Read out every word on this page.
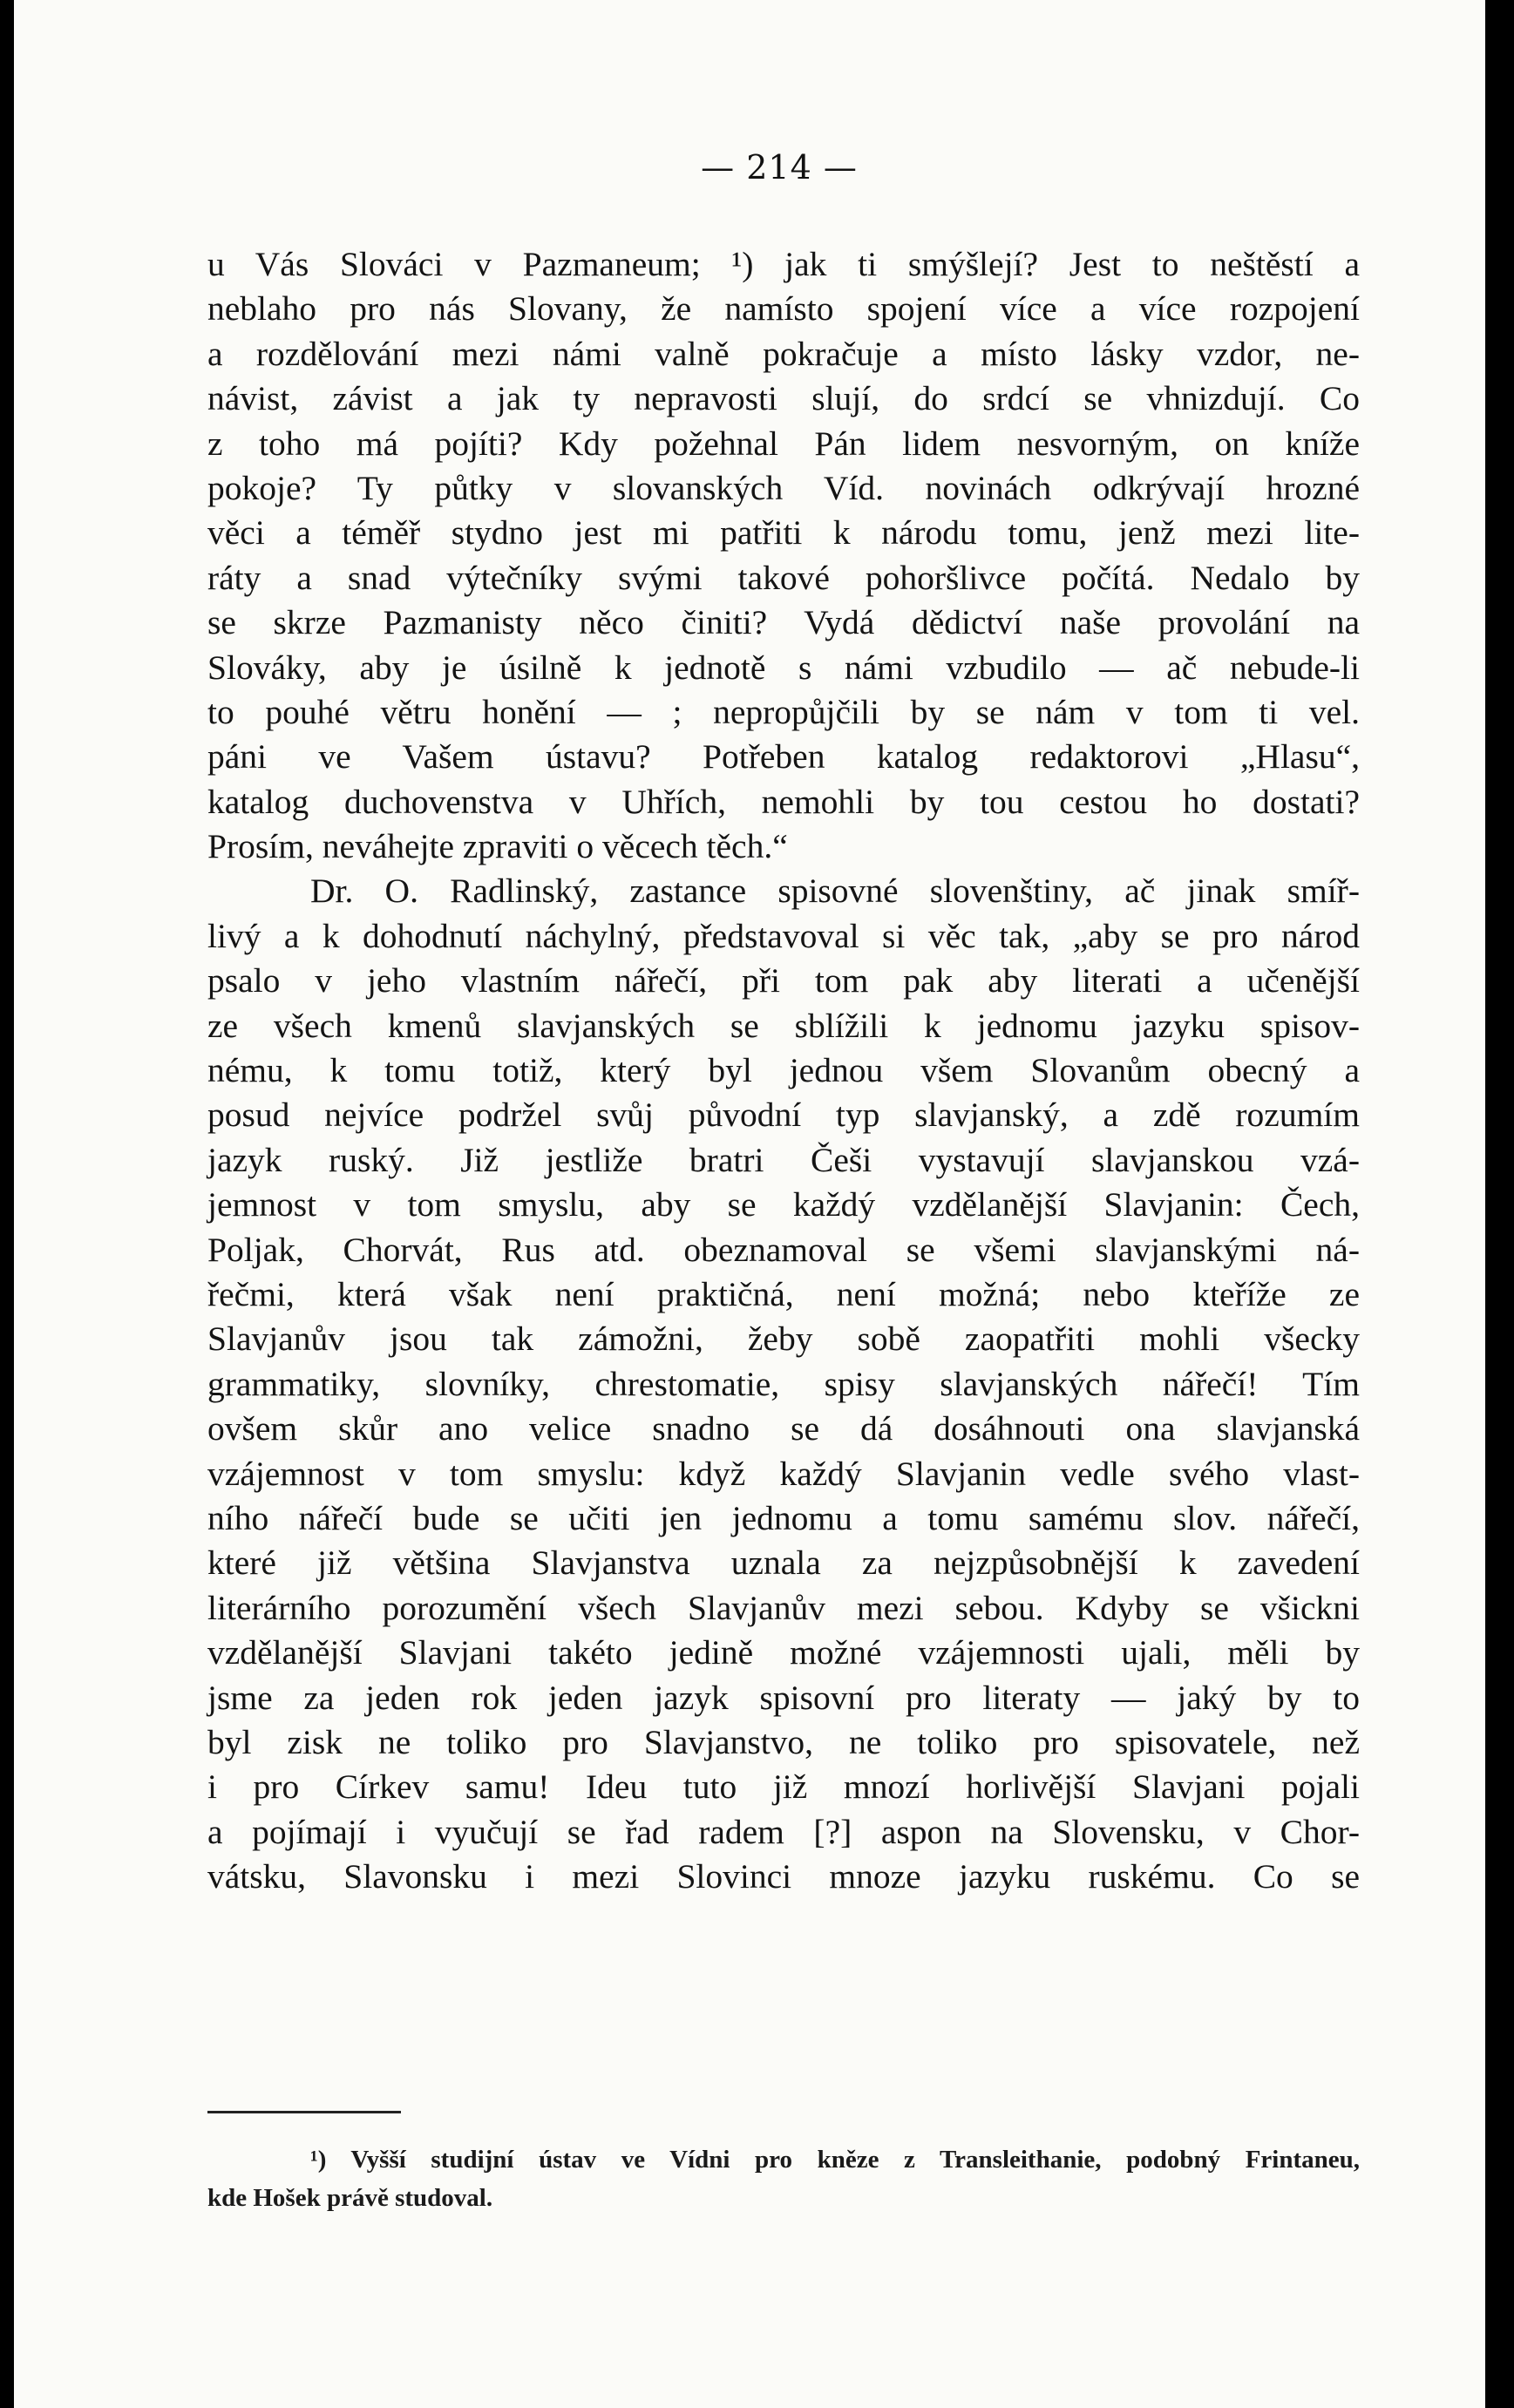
— 214 —
u Vás Slováci v Pazmaneum; ¹) jak ti smýšlejí? Jest to neštěstí a
neblaho pro nás Slovany, že namísto spojení více a více rozpojení
a rozdělování mezi námi valně pokračuje a místo lásky vzdor, ne-
návist, závist a jak ty nepravosti slují, do srdcí se vhnizdují. Co
z toho má pojíti? Kdy požehnal Pán lidem nesvorným, on kníže
pokoje? Ty půtky v slovanských Víd. novinách odkrývají hrozné
věci a téměř stydno jest mi patřiti k národu tomu, jenž mezi lite-
ráty a snad výtečníky svými takové pohoršlivce počítá. Nedalo by
se skrze Pazmanisty něco činiti? Vydá dědictví naše provolání na
Slováky, aby je úsilně k jednotě s námi vzbudilo — ač nebude-li
to pouhé větru honění — ; nepropůjčili by se nám v tom ti vel.
páni ve Vašem ústavu? Potřeben katalog redaktorovi „Hlasu“,
katalog duchovenstva v Uhřích, nemohli by tou cestou ho dostati?
Prosím, neváhejte zpraviti o věcech těch.“
Dr. O. Radlinský, zastance spisovné slovenštiny, ač jinak smíř-
livý a k dohodnutí náchylný, představoval si věc tak, „aby se pro národ
psalo v jeho vlastním nářečí, při tom pak aby literati a učenější
ze všech kmenů slavjanských se sblížili k jednomu jazyku spisov-
nému, k tomu totiž, který byl jednou všem Slovanům obecný a
posud nejvíce podržel svůj původní typ slavjanský, a zdě rozumím
jazyk ruský. Již jestliže bratri Češi vystavují slavjanskou vzá-
jemnost v tom smyslu, aby se každý vzdělanější Slavjanin: Čech,
Poljak, Chorvát, Rus atd. obeznamoval se všemi slavjanskými ná-
řečmi, která však není praktičná, není možná; nebo kteříže ze
Slavjanův jsou tak zámožni, žeby sobě zaopatřiti mohli všecky
grammatiky, slovníky, chrestomatie, spisy slavjanských nářečí! Tím
ovšem skůr ano velice snadno se dá dosáhnouti ona slavjanská
vzájemnost v tom smyslu: když každý Slavjanin vedle svého vlast-
ního nářečí bude se učiti jen jednomu a tomu samému slov. nářečí,
které již většina Slavjanstva uznala za nejzpůsobnější k zavedení
literárního porozumění všech Slavjanův mezi sebou. Kdyby se všickni
vzdělanější Slavjani takéto jedině možné vzájemnosti ujali, měli by
jsme za jeden rok jeden jazyk spisovní pro literaty — jaký by to
byl zisk ne toliko pro Slavjanstvo, ne toliko pro spisovatele, než
i pro Církev samu! Ideu tuto již mnozí horlivější Slavjani pojali
a pojímají i vyučují se řad radem [?] aspon na Slovensku, v Chor-
vátsku, Slavonsku i mezi Slovinci mnoze jazyku ruskému. Co se
¹) Vyšší studijní ústav ve Vídni pro kněze z Transleithanie, podobný Frintaneu,
kde Hošek právě studoval.
